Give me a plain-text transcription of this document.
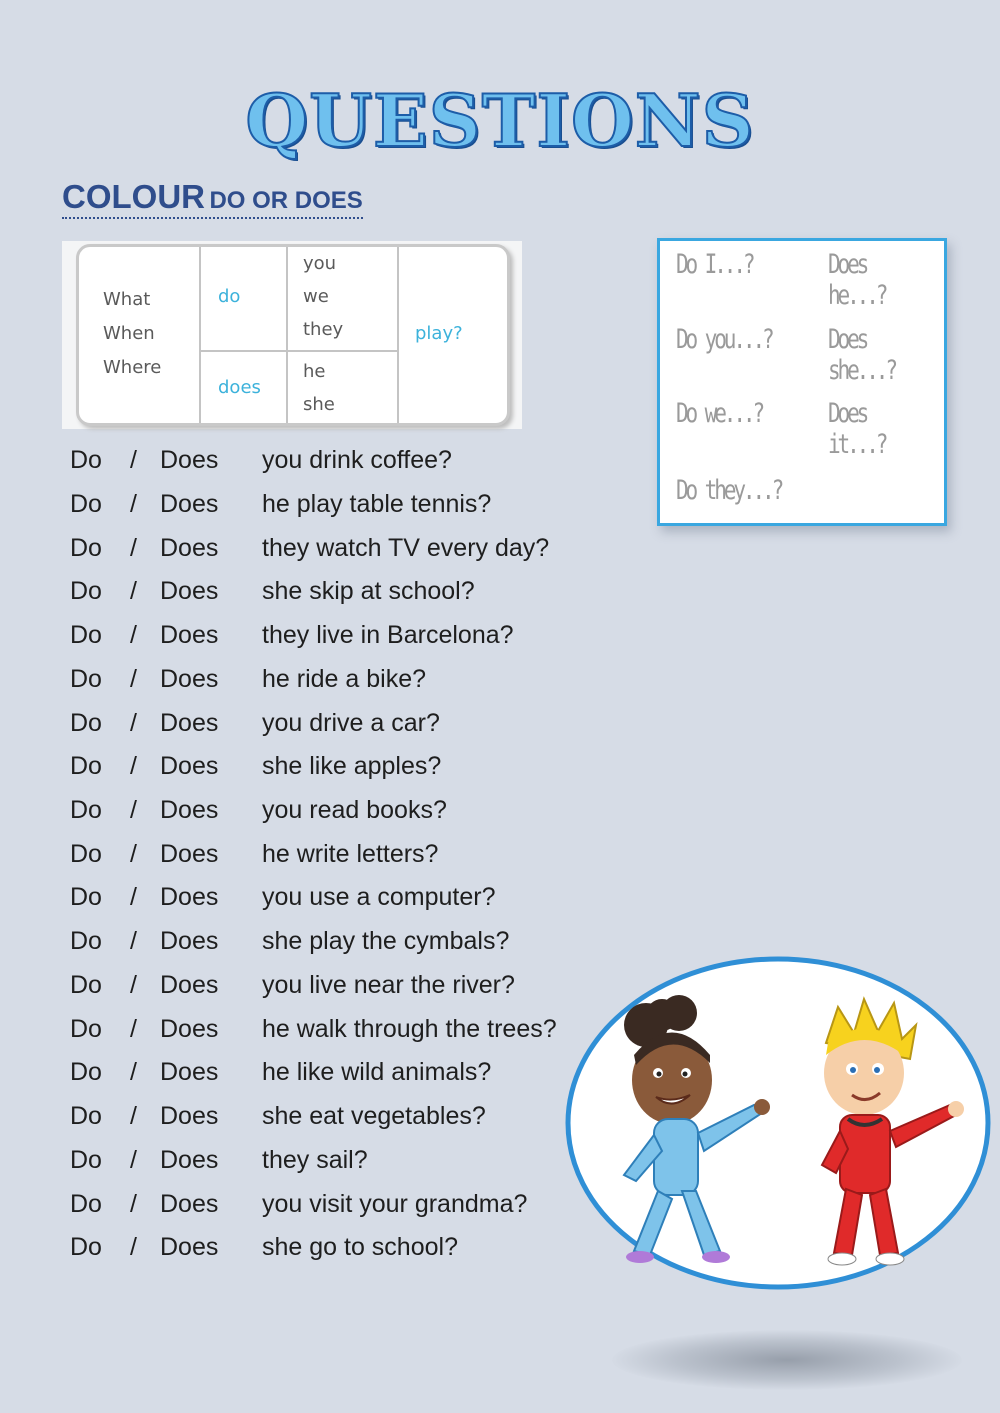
QUESTIONS
COLOUR DO OR DOES
What
When
Where
do
does
you
we
they
he
she
play?
Do I...?
Do you...?
Do we...?
Do they...?
Does he...?
Does she...?
Does it...?
Do / Does you drink coffee?
Do / Does he play table tennis?
Do / Does they watch TV every day?
Do / Does she skip at school?
Do / Does they live in Barcelona?
Do / Does he ride a bike?
Do / Does you drive a car?
Do / Does she like apples?
Do / Does you read books?
Do / Does he write letters?
Do / Does you use a computer?
Do / Does she play the cymbals?
Do / Does you live near the river?
Do / Does he walk through the trees?
Do / Does he like wild animals?
Do / Does she eat vegetables?
Do / Does they sail?
Do / Does you visit your grandma?
Do / Does she go to school?
